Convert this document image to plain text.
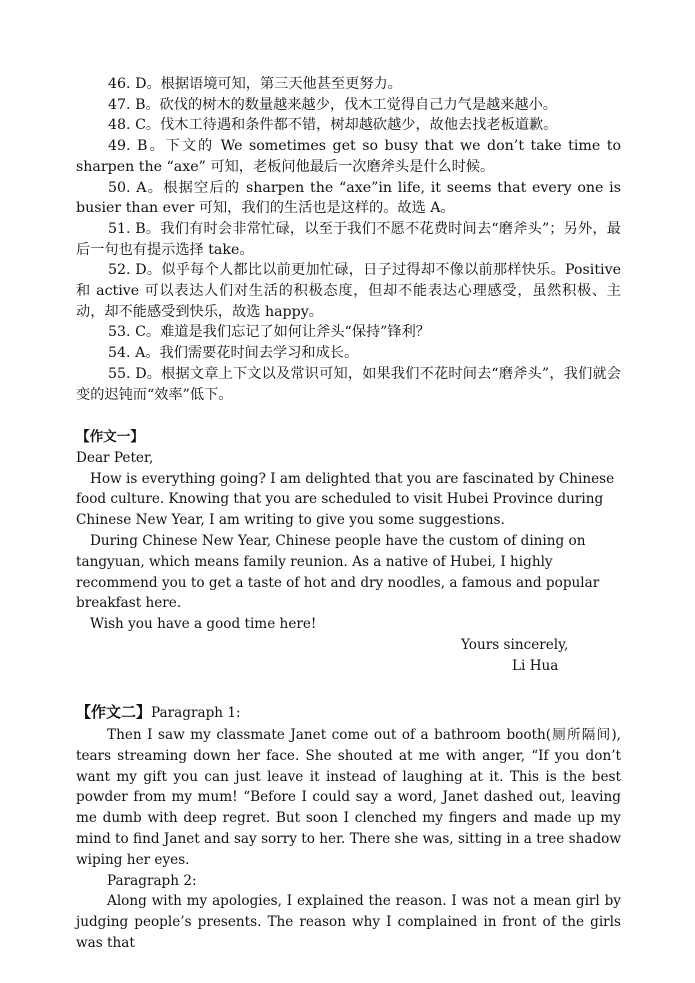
46. D。根据语境可知，第三天他甚至更努力。

47. B。砍伐的树木的数量越来越少，伐木工觉得自己力气是越来越小。

48. C。伐木工待遇和条件都不错，树却越砍越少，故他去找老板道歉。

49. B。下文的 We sometimes get so busy that we don’t take time to sharpen the “axe” 可知，老板问他最后一次磨斧头是什么时候。

50. A。根据空后的 sharpen the “axe”in life, it seems that every one is busier than ever 可知，我们的生活也是这样的。故选 A。

51. B。我们有时会非常忙碌，以至于我们不愿不花费时间去“磨斧头”；另外，最后一句也有提示选择 take。

52. D。似乎每个人都比以前更加忙碌，日子过得却不像以前那样快乐。Positive 和 active 可以表达人们对生活的积极态度，但却不能表达心理感受，虽然积极、主动，却不能感受到快乐，故选 happy。

53. C。难道是我们忘记了如何让斧头“保持”锋利？

54. A。我们需要花时间去学习和成长。

55. D。根据文章上下文以及常识可知，如果我们不花时间去“磨斧头”，我们就会变的迟钝而“效率”低下。

【作文一】

Dear Peter,

How is everything going? I am delighted that you are fascinated by Chinese food culture. Knowing that you are scheduled to visit Hubei Province during Chinese New Year, I am writing to give you some suggestions.

During Chinese New Year, Chinese people have the custom of dining on tangyuan, which means family reunion. As a native of Hubei, I highly recommend you to get a taste of hot and dry noodles, a famous and popular breakfast here.

Wish you have a good time here!

Yours sincerely,

Li Hua

【作文二】Paragraph 1:

Then I saw my classmate Janet come out of a bathroom booth(厕所隔间), tears streaming down her face. She shouted at me with anger, “If you don’t want my gift you can just leave it instead of laughing at it. This is the best powder from my mum! “Before I could say a word, Janet dashed out, leaving me dumb with deep regret. But soon I clenched my fingers and made up my mind to find Janet and say sorry to her. There she was, sitting in a tree shadow wiping her eyes.

Paragraph 2:

Along with my apologies, I explained the reason. I was not a mean girl by judging people’s presents. The reason why I complained in front of the girls was that
